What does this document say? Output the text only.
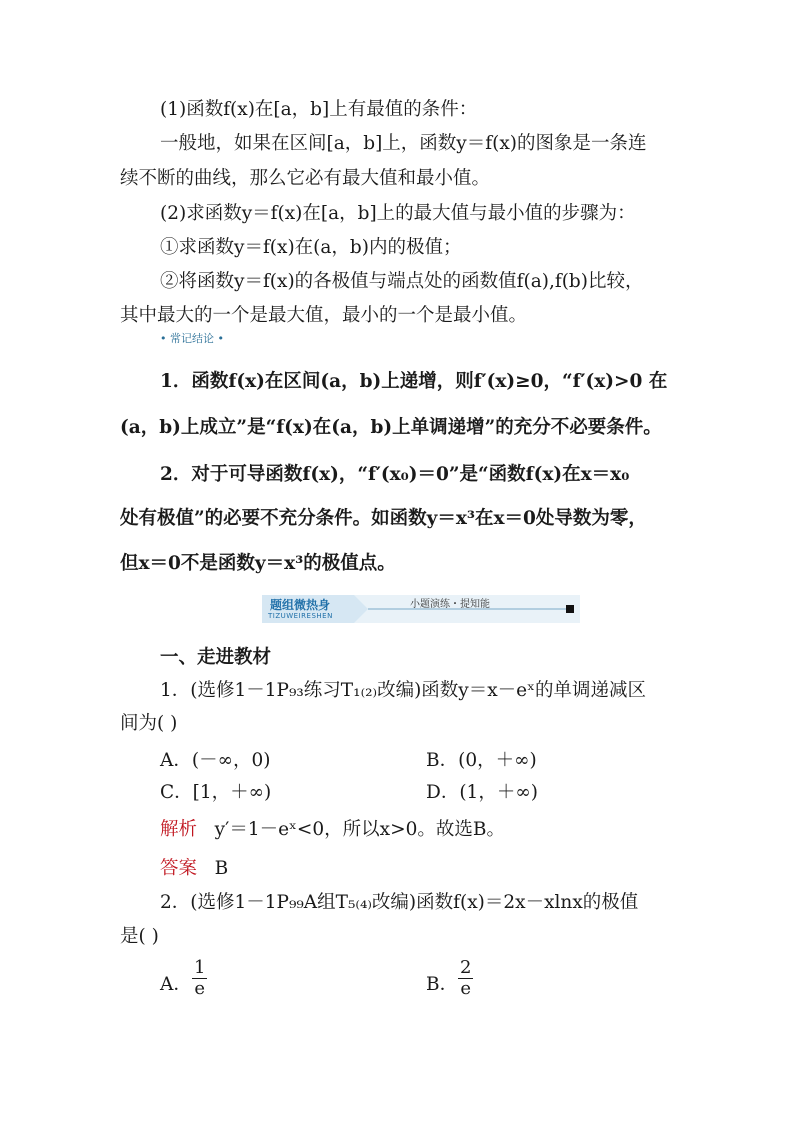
(1)函数f(x)在[a，b]上有最值的条件：
一般地，如果在区间[a，b]上，函数y＝f(x)的图象是一条连
续不断的曲线，那么它必有最大值和最小值。
(2)求函数y＝f(x)在[a，b]上的最大值与最小值的步骤为：
①求函数y＝f(x)在(a，b)内的极值；
②将函数y＝f(x)的各极值与端点处的函数值f(a),f(b)比较，
其中最大的一个是最大值，最小的一个是最小值。
• 常记结论 •
1．函数f(x)在区间(a，b)上递增，则f′(x)≥0，“f′(x)>0 在
(a，b)上成立”是“f(x)在(a，b)上单调递增”的充分不必要条件。
2．对于可导函数f(x)，“f′(x₀)＝0”是“函数f(x)在x＝x₀
处有极值”的必要不充分条件。如函数y＝x³在x＝0处导数为零，
但x＝0不是函数y＝x³的极值点。
题组微热身
TIZUWEIRESHEN
小题演练・提知能
一、走进教材
1．(选修1－1P₉₃练习T₁₍₂₎改编)函数y＝x－eˣ的单调递减区
间为( )
A．(－∞，0)	B．(0，＋∞)
C．[1，＋∞)	D．(1，＋∞)
解析 y′＝1－eˣ<0，所以x>0。故选B。
答案 B
2．(选修1－1P₉₉A组T₅₍₄₎改编)函数f(x)＝2x－xlnx的极值
是( )
A． $\frac{1}{e}$	B． $\frac{2}{e}$
